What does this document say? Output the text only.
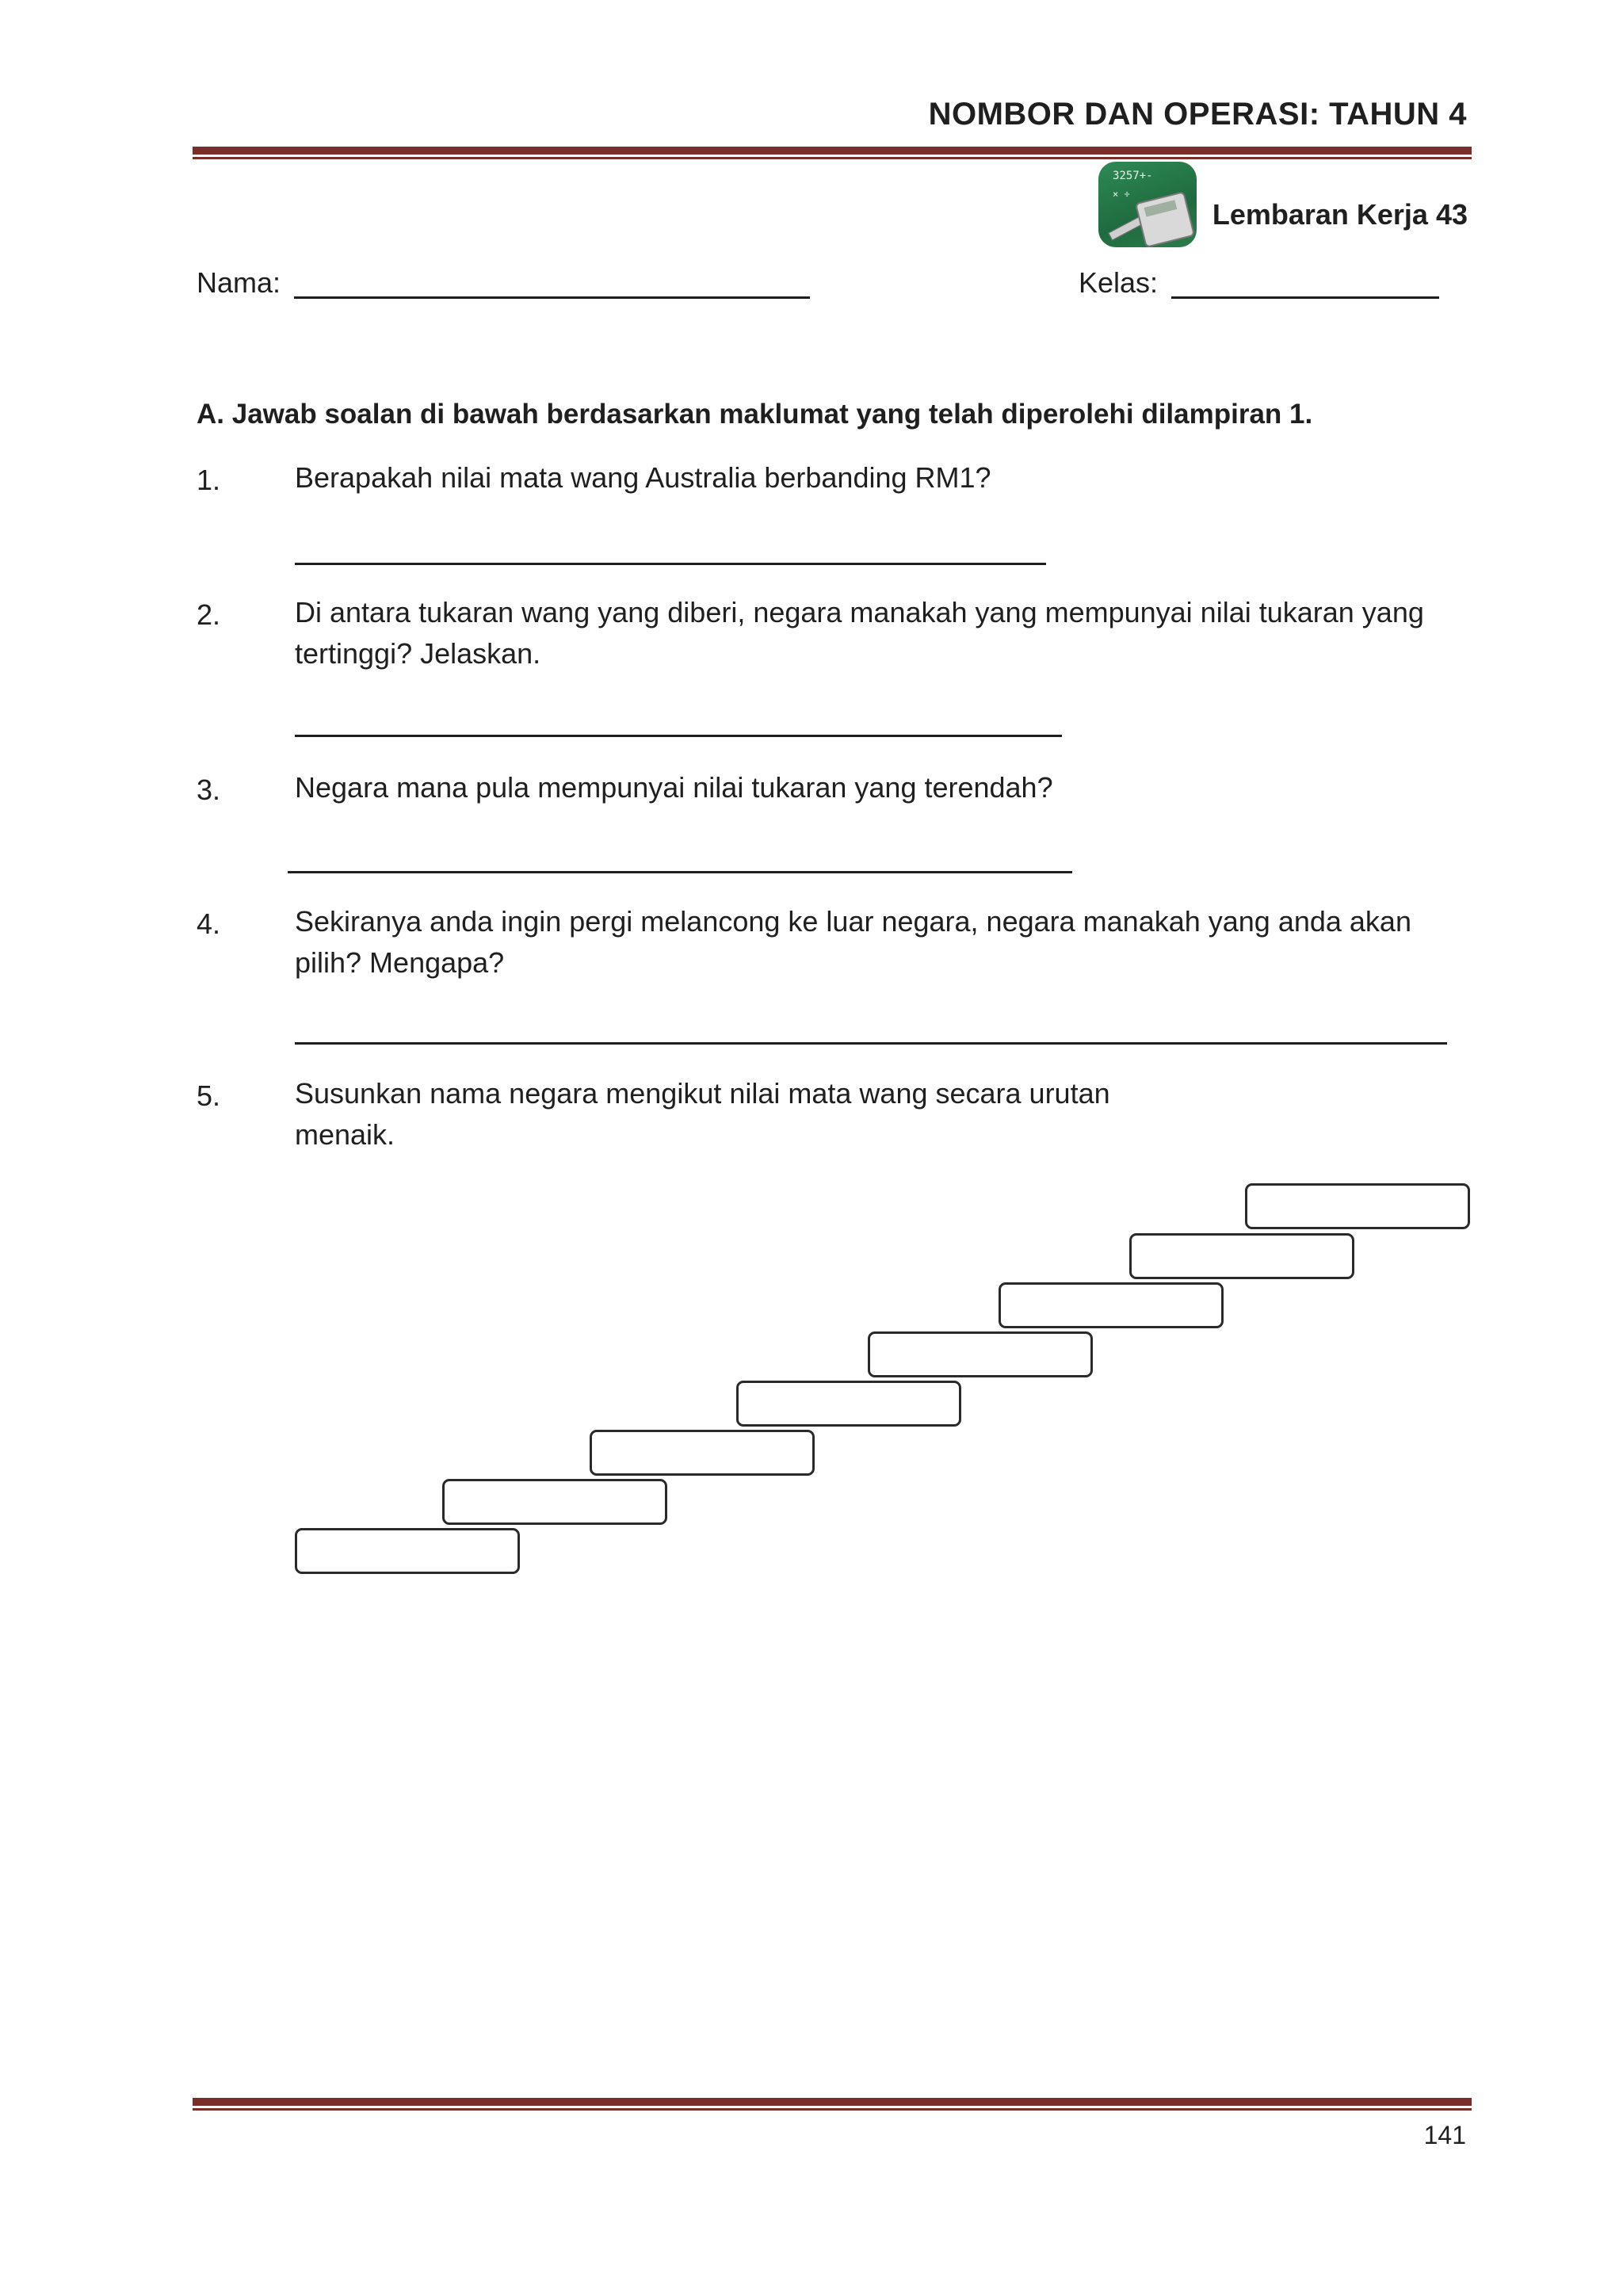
NOMBOR DAN OPERASI: TAHUN 4
3257+-
× ÷
Lembaran Kerja 43
Nama:	Kelas:
A. Jawab soalan di bawah berdasarkan maklumat yang telah diperolehi dilampiran 1.
1.	Berapakah nilai mata wang Australia berbanding RM1?
2.	Di antara tukaran wang yang diberi, negara manakah yang mempunyai nilai tukaran yang tertinggi? Jelaskan.
3.	Negara mana pula mempunyai nilai tukaran yang terendah?
4.	Sekiranya anda ingin pergi melancong ke luar negara, negara manakah yang anda akan pilih? Mengapa?
5.	Susunkan nama negara mengikut nilai mata wang secara urutan menaik.
141
